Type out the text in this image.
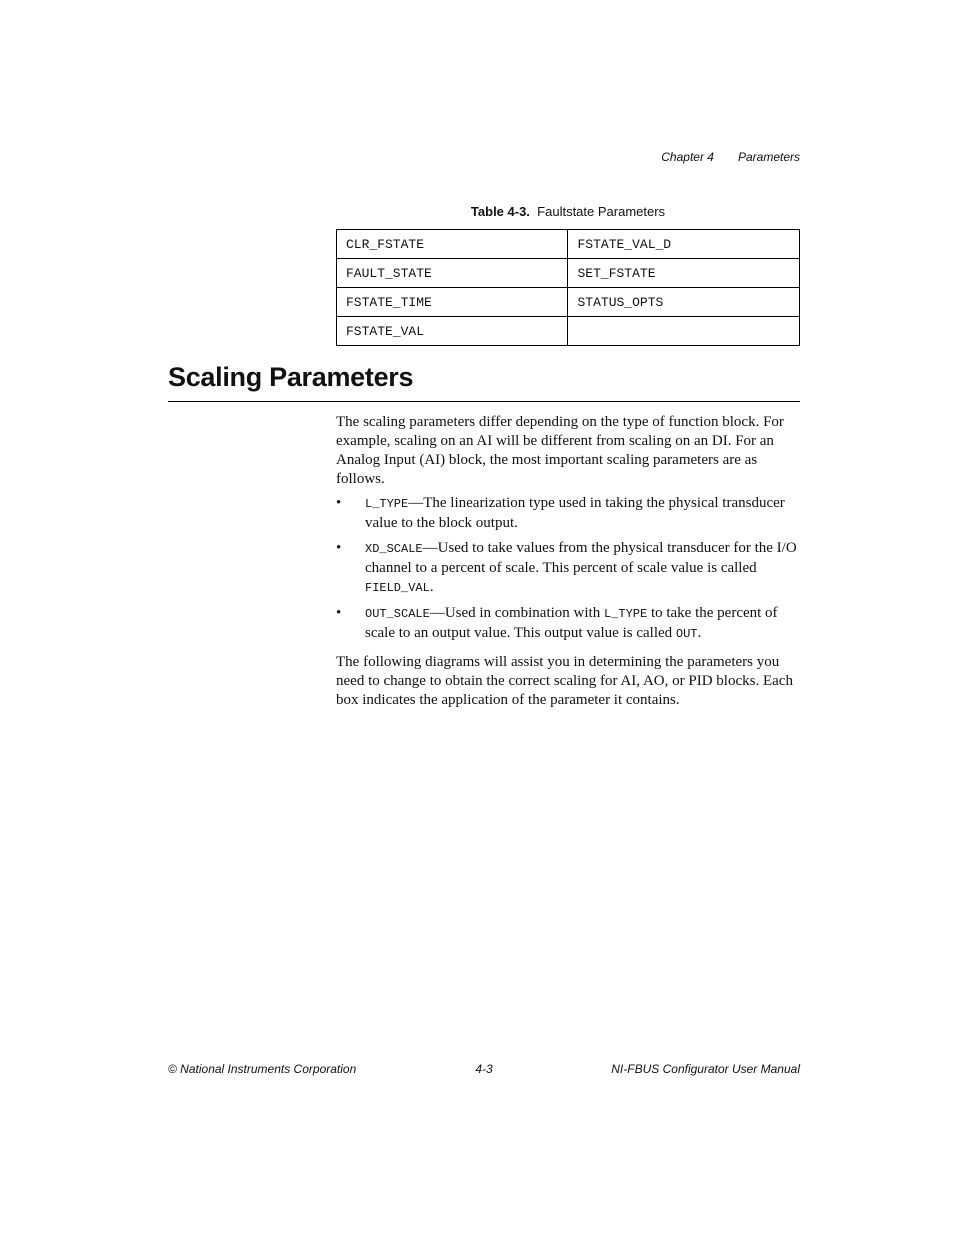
Chapter 4 Parameters
Table 4-3. Faultstate Parameters
CLR_FSTATE	FSTATE_VAL_D
FAULT_STATE	SET_FSTATE
FSTATE_TIME	STATUS_OPTS
FSTATE_VAL	
Scaling Parameters

The scaling parameters differ depending on the type of function block. For example, scaling on an AI will be different from scaling on an DI. For an Analog Input (AI) block, the most important scaling parameters are as follows.

• L_TYPE—The linearization type used in taking the physical transducer value to the block output.
• XD_SCALE—Used to take values from the physical transducer for the I/O channel to a percent of scale. This percent of scale value is called FIELD_VAL.
• OUT_SCALE—Used in combination with L_TYPE to take the percent of scale to an output value. This output value is called OUT.

The following diagrams will assist you in determining the parameters you need to change to obtain the correct scaling for AI, AO, or PID blocks. Each box indicates the application of the parameter it contains.

© National Instruments Corporation	4-3	NI-FBUS Configurator User Manual
